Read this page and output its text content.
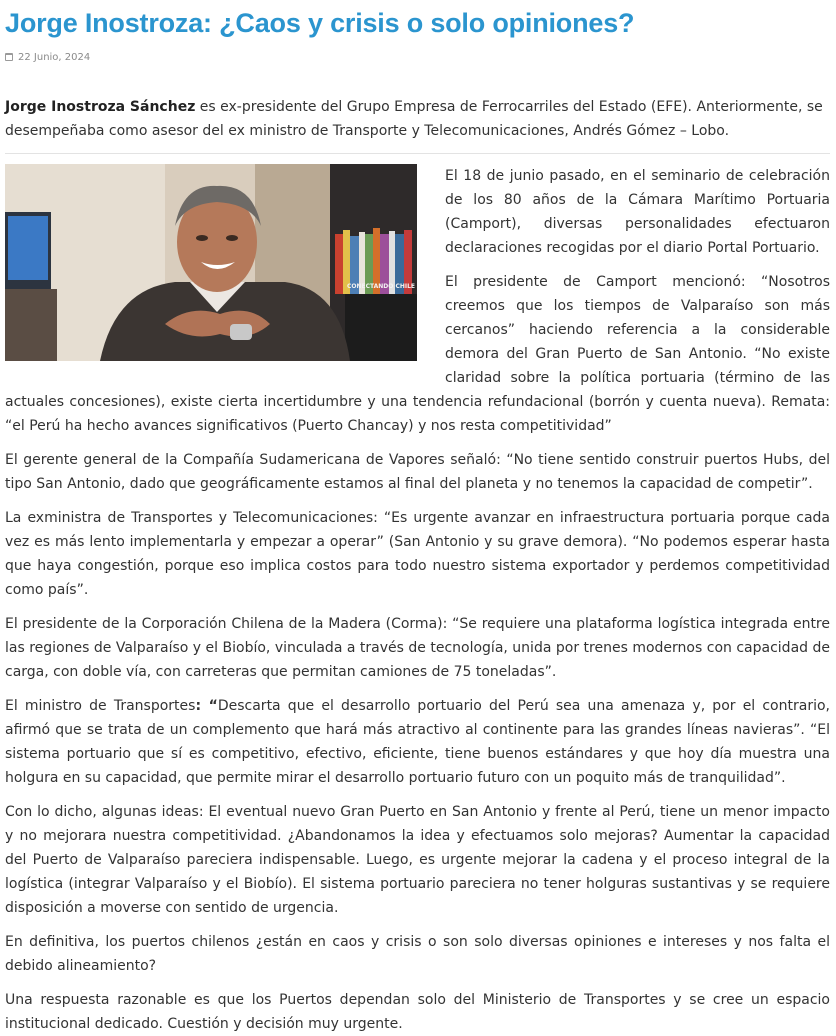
Jorge Inostroza: ¿Caos y crisis o solo opiniones?
22 Junio, 2024

Jorge Inostroza Sánchez es ex-presidente del Grupo Empresa de Ferrocarriles del Estado (EFE). Anteriormente, se desempeñaba como asesor del ex ministro de Transporte y Telecomunicaciones, Andrés Gómez – Lobo.

CONECTANDO CHILE

El 18 de junio pasado, en el seminario de celebración de los 80 años de la Cámara Marítimo Portuaria (Camport), diversas personalidades efectuaron declaraciones recogidas por el diario Portal Portuario.

El presidente de Camport mencionó: “Nosotros creemos que los tiempos de Valparaíso son más cercanos” haciendo referencia a la considerable demora del Gran Puerto de San Antonio. “No existe claridad sobre la política portuaria (término de las actuales concesiones), existe cierta incertidumbre y una tendencia refundacional (borrón y cuenta nueva). Remata: “el Perú ha hecho avances significativos (Puerto Chancay) y nos resta competitividad”

El gerente general de la Compañía Sudamericana de Vapores señaló: “No tiene sentido construir puertos Hubs, del tipo San Antonio, dado que geográficamente estamos al final del planeta y no tenemos la capacidad de competir”.

La exministra de Transportes y Telecomunicaciones: “Es urgente avanzar en infraestructura portuaria porque cada vez es más lento implementarla y empezar a operar” (San Antonio y su grave demora). “No podemos esperar hasta que haya congestión, porque eso implica costos para todo nuestro sistema exportador y perdemos competitividad como país”.

El presidente de la Corporación Chilena de la Madera (Corma): “Se requiere una plataforma logística integrada entre las regiones de Valparaíso y el Biobío, vinculada a través de tecnología, unida por trenes modernos con capacidad de carga, con doble vía, con carreteras que permitan camiones de 75 toneladas”.

El ministro de Transportes: “Descarta que el desarrollo portuario del Perú sea una amenaza y, por el contrario, afirmó que se trata de un complemento que hará más atractivo al continente para las grandes líneas navieras”. “El sistema portuario que sí es competitivo, efectivo, eficiente, tiene buenos estándares y que hoy día muestra una holgura en su capacidad, que permite mirar el desarrollo portuario futuro con un poquito más de tranquilidad”.

Con lo dicho, algunas ideas: El eventual nuevo Gran Puerto en San Antonio y frente al Perú, tiene un menor impacto y no mejorara nuestra competitividad. ¿Abandonamos la idea y efectuamos solo mejoras? Aumentar la capacidad del Puerto de Valparaíso pareciera indispensable. Luego, es urgente mejorar la cadena y el proceso integral de la logística (integrar Valparaíso y el Biobío). El sistema portuario pareciera no tener holguras sustantivas y se requiere disposición a moverse con sentido de urgencia.

En definitiva, los puertos chilenos ¿están en caos y crisis o son solo diversas opiniones e intereses y nos falta el debido alineamiento?

Una respuesta razonable es que los Puertos dependan solo del Ministerio de Transportes y se cree un espacio institucional dedicado. Cuestión y decisión muy urgente.
